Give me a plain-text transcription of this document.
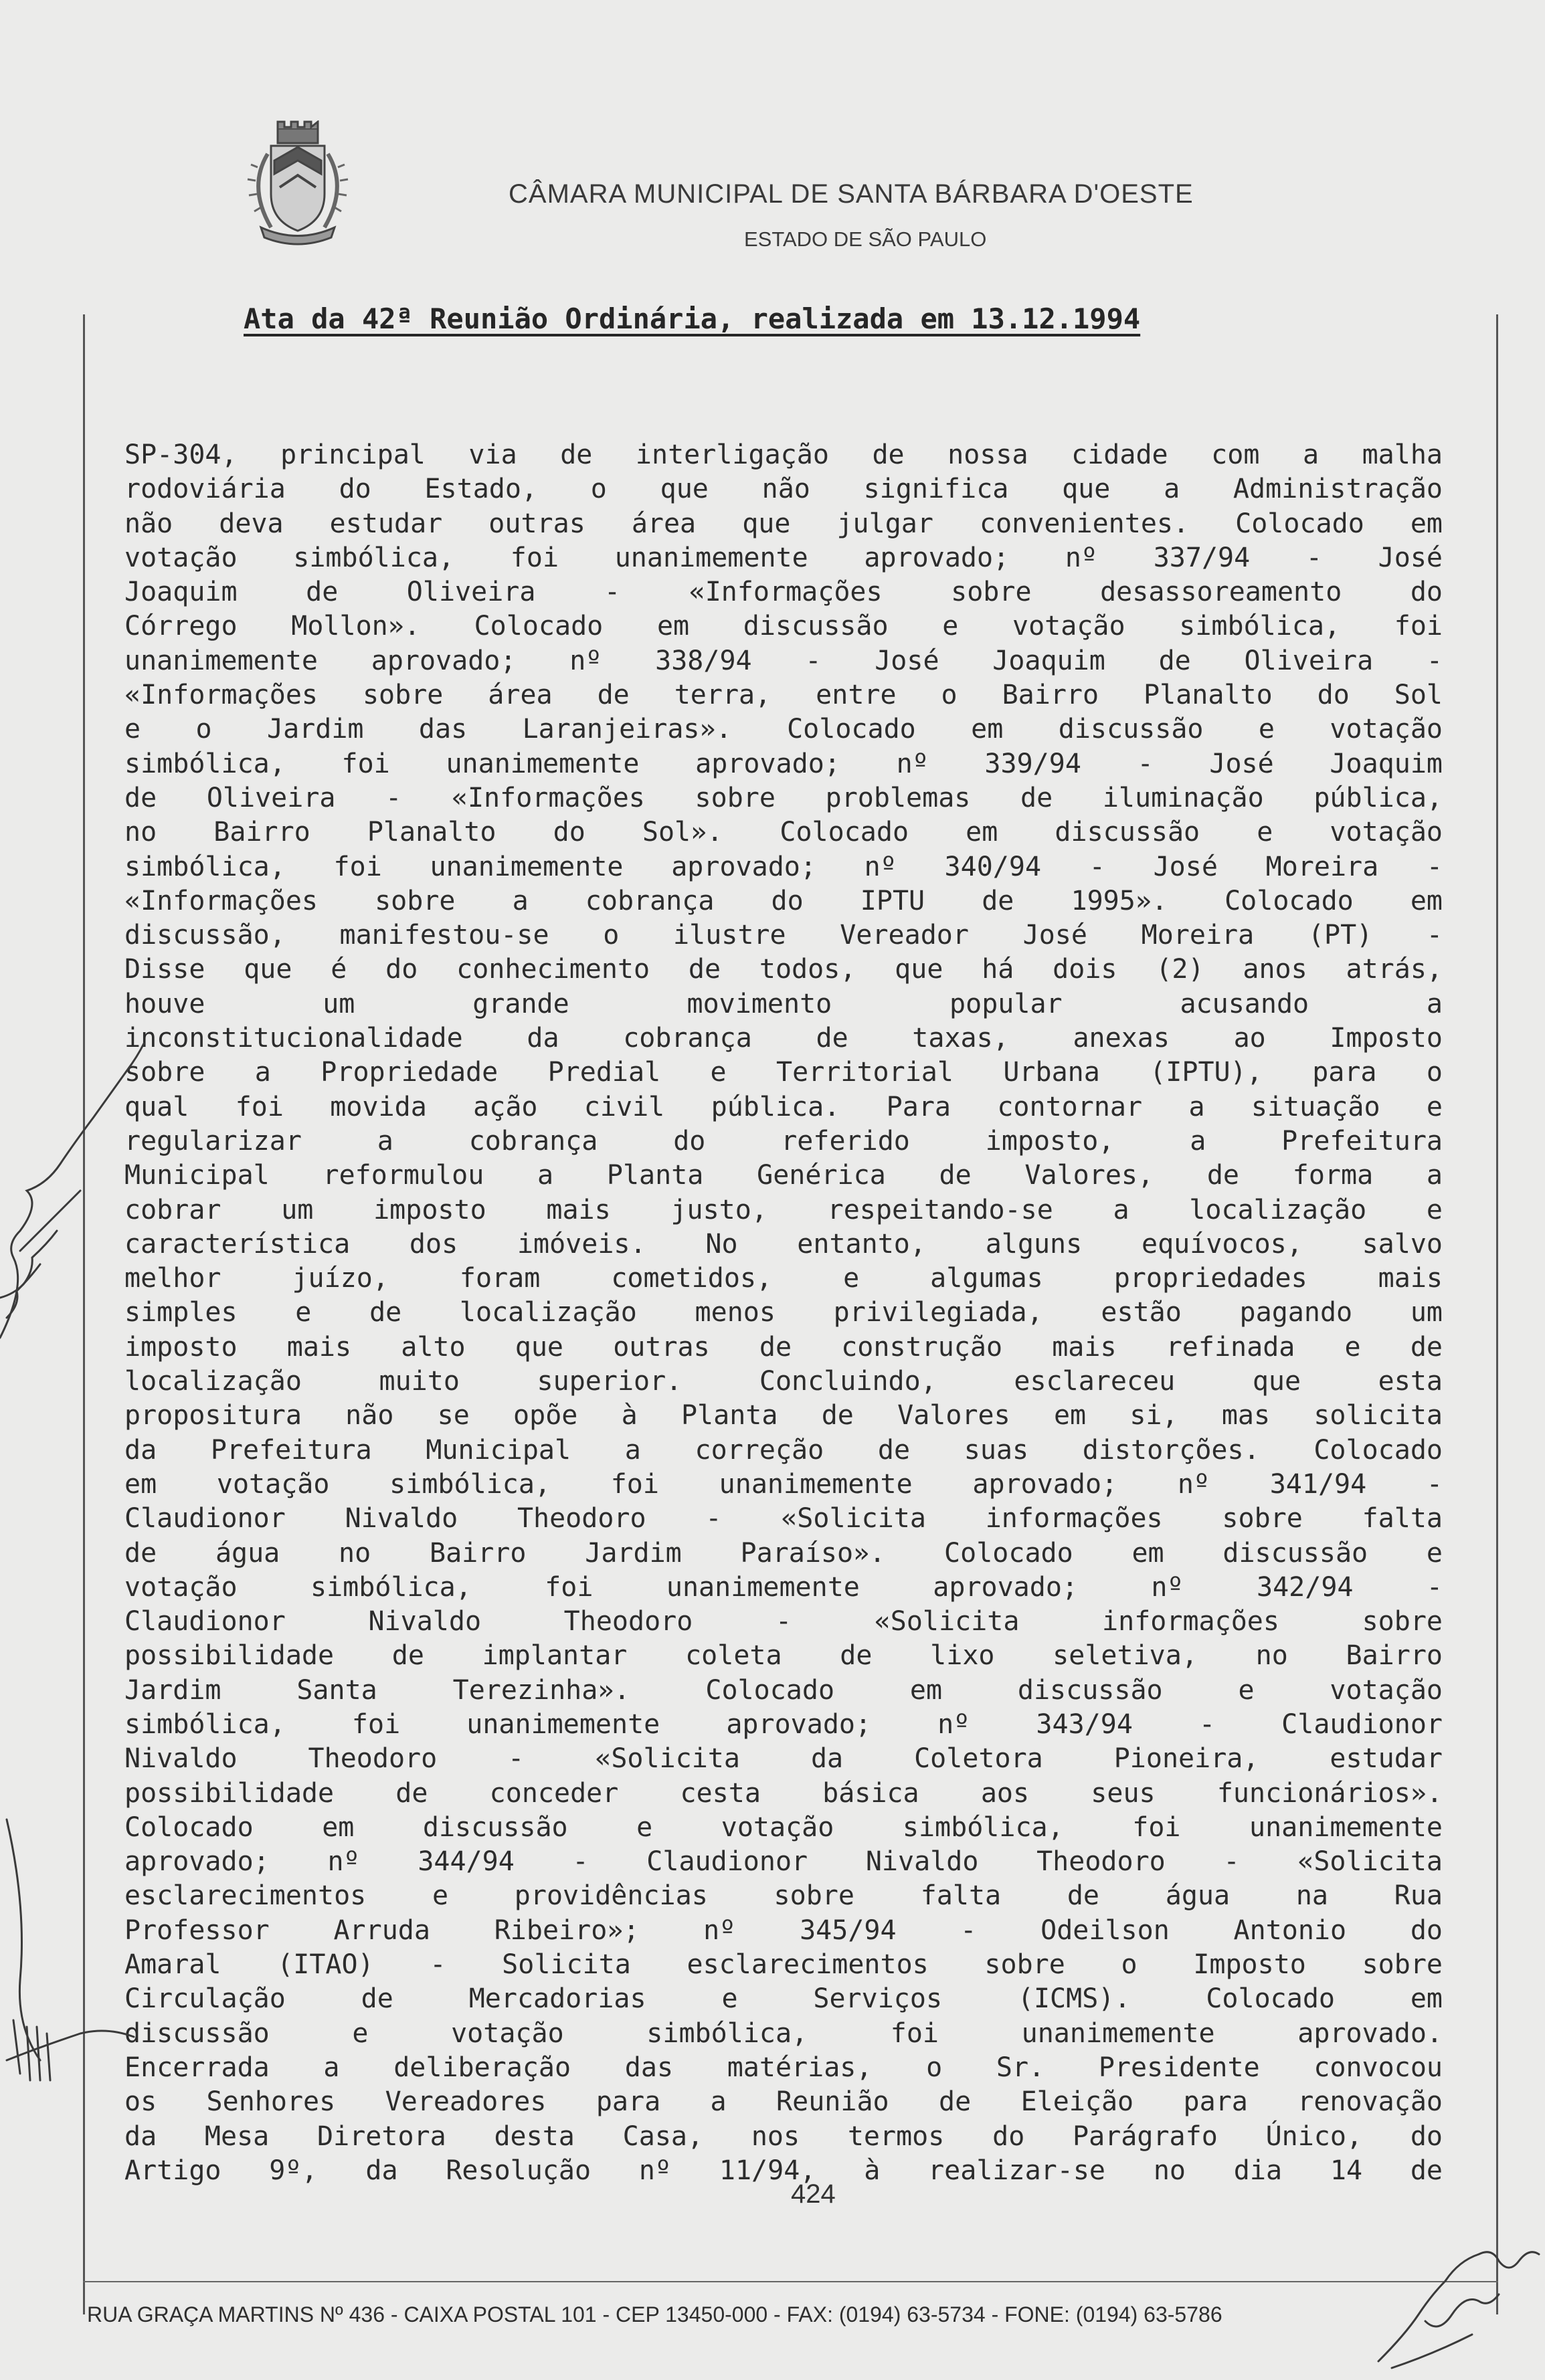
CÂMARA MUNICIPAL DE SANTA BÁRBARA D'OESTE
ESTADO DE SÃO PAULO
Ata da 42ª Reunião Ordinária, realizada em 13.12.1994
SP-304, principal via de interligação de nossa cidade com a malha
rodoviária do Estado, o que não significa que a Administração
não deva estudar outras área que julgar convenientes. Colocado em
votação simbólica, foi unanimemente aprovado; nº 337/94 - José
Joaquim de Oliveira - «Informações sobre desassoreamento do
Córrego Mollon». Colocado em discussão e votação simbólica, foi
unanimemente aprovado; nº 338/94 - José Joaquim de Oliveira -
«Informações sobre área de terra, entre o Bairro Planalto do Sol
e o Jardim das Laranjeiras». Colocado em discussão e votação
simbólica, foi unanimemente aprovado; nº 339/94 - José Joaquim
de Oliveira - «Informações sobre problemas de iluminação pública,
no Bairro Planalto do Sol». Colocado em discussão e votação
simbólica, foi unanimemente aprovado; nº 340/94 - José Moreira -
«Informações sobre a cobrança do IPTU de 1995». Colocado em
discussão, manifestou-se o ilustre Vereador José Moreira (PT) -
Disse que é do conhecimento de todos, que há dois (2) anos atrás,
houve um grande movimento popular acusando a
inconstitucionalidade da cobrança de taxas, anexas ao Imposto
sobre a Propriedade Predial e Territorial Urbana (IPTU), para o
qual foi movida ação civil pública. Para contornar a situação e
regularizar a cobrança do referido imposto, a Prefeitura
Municipal reformulou a Planta Genérica de Valores, de forma a
cobrar um imposto mais justo, respeitando-se a localização e
característica dos imóveis. No entanto, alguns equívocos, salvo
melhor juízo, foram cometidos, e algumas propriedades mais
simples e de localização menos privilegiada, estão pagando um
imposto mais alto que outras de construção mais refinada e de
localização muito superior. Concluindo, esclareceu que esta
propositura não se opõe à Planta de Valores em si, mas solicita
da Prefeitura Municipal a correção de suas distorções. Colocado
em votação simbólica, foi unanimemente aprovado; nº 341/94 -
Claudionor Nivaldo Theodoro - «Solicita informações sobre falta
de água no Bairro Jardim Paraíso». Colocado em discussão e
votação simbólica, foi unanimemente aprovado; nº 342/94 -
Claudionor Nivaldo Theodoro - «Solicita informações sobre
possibilidade de implantar coleta de lixo seletiva, no Bairro
Jardim Santa Terezinha». Colocado em discussão e votação
simbólica, foi unanimemente aprovado; nº 343/94 - Claudionor
Nivaldo Theodoro - «Solicita da Coletora Pioneira, estudar
possibilidade de conceder cesta básica aos seus funcionários».
Colocado em discussão e votação simbólica, foi unanimemente
aprovado; nº 344/94 - Claudionor Nivaldo Theodoro - «Solicita
esclarecimentos e providências sobre falta de água na Rua
Professor Arruda Ribeiro»; nº 345/94 - Odeilson Antonio do
Amaral (ITAO) - Solicita esclarecimentos sobre o Imposto sobre
Circulação de Mercadorias e Serviços (ICMS). Colocado em
discussão e votação simbólica, foi unanimemente aprovado.
Encerrada a deliberação das matérias, o Sr. Presidente convocou
os Senhores Vereadores para a Reunião de Eleição para renovação
da Mesa Diretora desta Casa, nos termos do Parágrafo Único, do
Artigo 9º, da Resolução nº 11/94, à realizar-se no dia 14 de
424
RUA GRAÇA MARTINS Nº 436 - CAIXA POSTAL 101 - CEP 13450-000 - FAX: (0194) 63-5734 - FONE: (0194) 63-5786
